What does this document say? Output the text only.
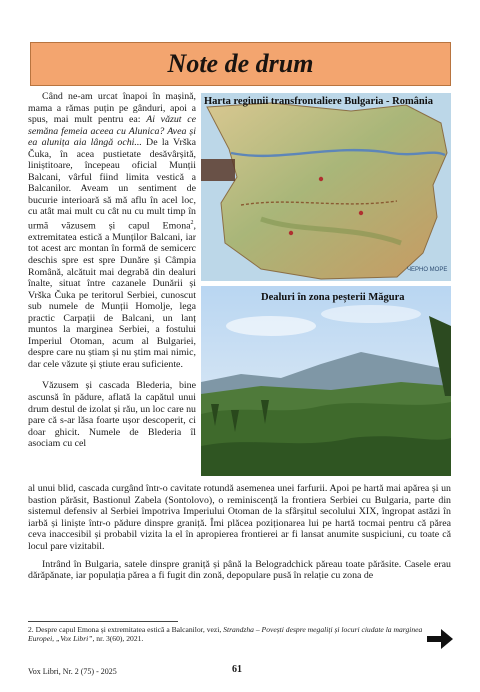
Note de drum

Când ne-am urcat înapoi în mașină, mama a rămas puțin pe gânduri, apoi a spus, mai mult pentru ea: Ai văzut ce semăna femeia aceea cu Alunica? Avea și ea alunița aia lângă ochi... De la Vrška Čuka, în acea pustietate desăvârșită, liniștitoare, începeau oficial Munții Balcani, vârful fiind limita vestică a Balcanilor. Aveam un sentiment de bucurie interioară să mă aflu în acel loc, cu atât mai mult cu cât nu cu mult timp în urmă văzusem și capul Emona$^2$, extremitatea estică a Munților Balcani, iar tot acest arc montan în formă de semicerc deschis spre est spre Dunăre și Câmpia Română, alcătuit mai degrabă din dealuri înalte, situat între cazanele Dunării și Vrška Čuka pe teritorul Serbiei, cunoscut sub numele de Munții Homolje, lega practic Carpații de Balcani, un lanț muntos la marginea Serbiei, a fostului Imperiul Otoman, acum al Bulgariei, despre care nu știam și nu știm mai nimic, dar cele văzute și știute erau suficiente.

Văzusem și cascada Blederia, bine ascunsă în pădure, aflată la capătul unui drum destul de izolat și rău, un loc care nu pare că s-ar lăsa foarte ușor descoperit, ci doar ghicit. Numele de Blederia îl asociam cu cel

ЧЕРНО МОРЕ
Harta regiunii transfrontaliere Bulgaria - România
Dealuri în zona peșterii Măgura

al unui blid, cascada curgând într-o cavitate rotundă asemenea unei farfurii. Apoi pe hartă mai apărea și un bastion părăsit, Bastionul Zabela (Sontolovo), o reminiscență la frontiera Serbiei cu Bulgaria, parte din sistemul defensiv al Serbiei împotriva Imperiului Otoman de la sfârșitul secolului XIX, îngropat astăzi în iarbă și liniște într-o pădure dinspre graniță. Îmi plăcea poziționarea lui pe hartă tocmai pentru că părea ceva inaccesibil și probabil vizita la el în apropierea frontierei ar fi lansat anumite suspiciuni, cu toate că locul pare vizitabil.

Intrând în Bulgaria, satele dinspre graniță și până la Belogradchick păreau toate părăsite. Casele erau dărăpănate, iar populația părea a fi fugit din zonă, depopulare pusă în relație cu zona de

2. Despre capul Emona și extremitatea estică a Balcanilor, vezi, Strandzha – Povești despre megaliți și locuri ciudate la marginea Europei, „Vox Libri”, nr. 3(60), 2021.
Vox Libri, Nr. 2 (75) - 2025	61
